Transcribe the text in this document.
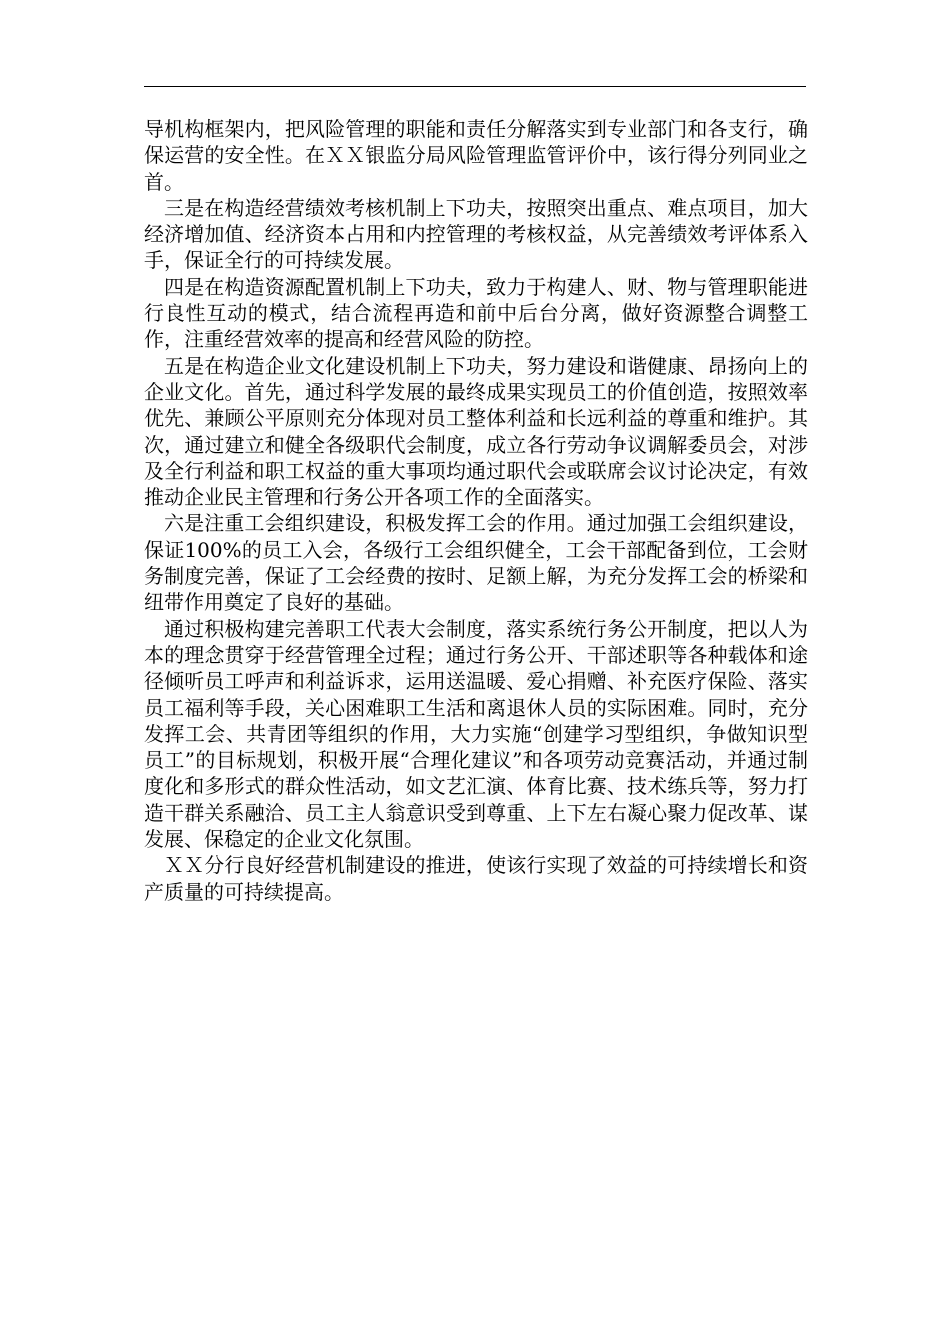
导机构框架内，把风险管理的职能和责任分解落实到专业部门和各支行，确保运营的安全性。在ＸＸ银监分局风险管理监管评价中，该行得分列同业之首。

三是在构造经营绩效考核机制上下功夫，按照突出重点、难点项目，加大经济增加值、经济资本占用和内控管理的考核权益，从完善绩效考评体系入手，保证全行的可持续发展。

四是在构造资源配置机制上下功夫，致力于构建人、财、物与管理职能进行良性互动的模式，结合流程再造和前中后台分离，做好资源整合调整工作，注重经营效率的提高和经营风险的防控。

五是在构造企业文化建设机制上下功夫，努力建设和谐健康、昂扬向上的企业文化。首先，通过科学发展的最终成果实现员工的价值创造，按照效率优先、兼顾公平原则充分体现对员工整体利益和长远利益的尊重和维护。其次，通过建立和健全各级职代会制度，成立各行劳动争议调解委员会，对涉及全行利益和职工权益的重大事项均通过职代会或联席会议讨论决定，有效推动企业民主管理和行务公开各项工作的全面落实。

六是注重工会组织建设，积极发挥工会的作用。通过加强工会组织建设，保证100%的员工入会，各级行工会组织健全，工会干部配备到位，工会财务制度完善，保证了工会经费的按时、足额上解，为充分发挥工会的桥梁和纽带作用奠定了良好的基础。

通过积极构建完善职工代表大会制度，落实系统行务公开制度，把以人为本的理念贯穿于经营管理全过程；通过行务公开、干部述职等各种载体和途径倾听员工呼声和利益诉求，运用送温暖、爱心捐赠、补充医疗保险、落实员工福利等手段，关心困难职工生活和离退休人员的实际困难。同时，充分发挥工会、共青团等组织的作用，大力实施“创建学习型组织，争做知识型员工”的目标规划，积极开展“合理化建议”和各项劳动竞赛活动，并通过制度化和多形式的群众性活动，如文艺汇演、体育比赛、技术练兵等，努力打造干群关系融洽、员工主人翁意识受到尊重、上下左右凝心聚力促改革、谋发展、保稳定的企业文化氛围。

ＸＸ分行良好经营机制建设的推进，使该行实现了效益的可持续增长和资产质量的可持续提高。
